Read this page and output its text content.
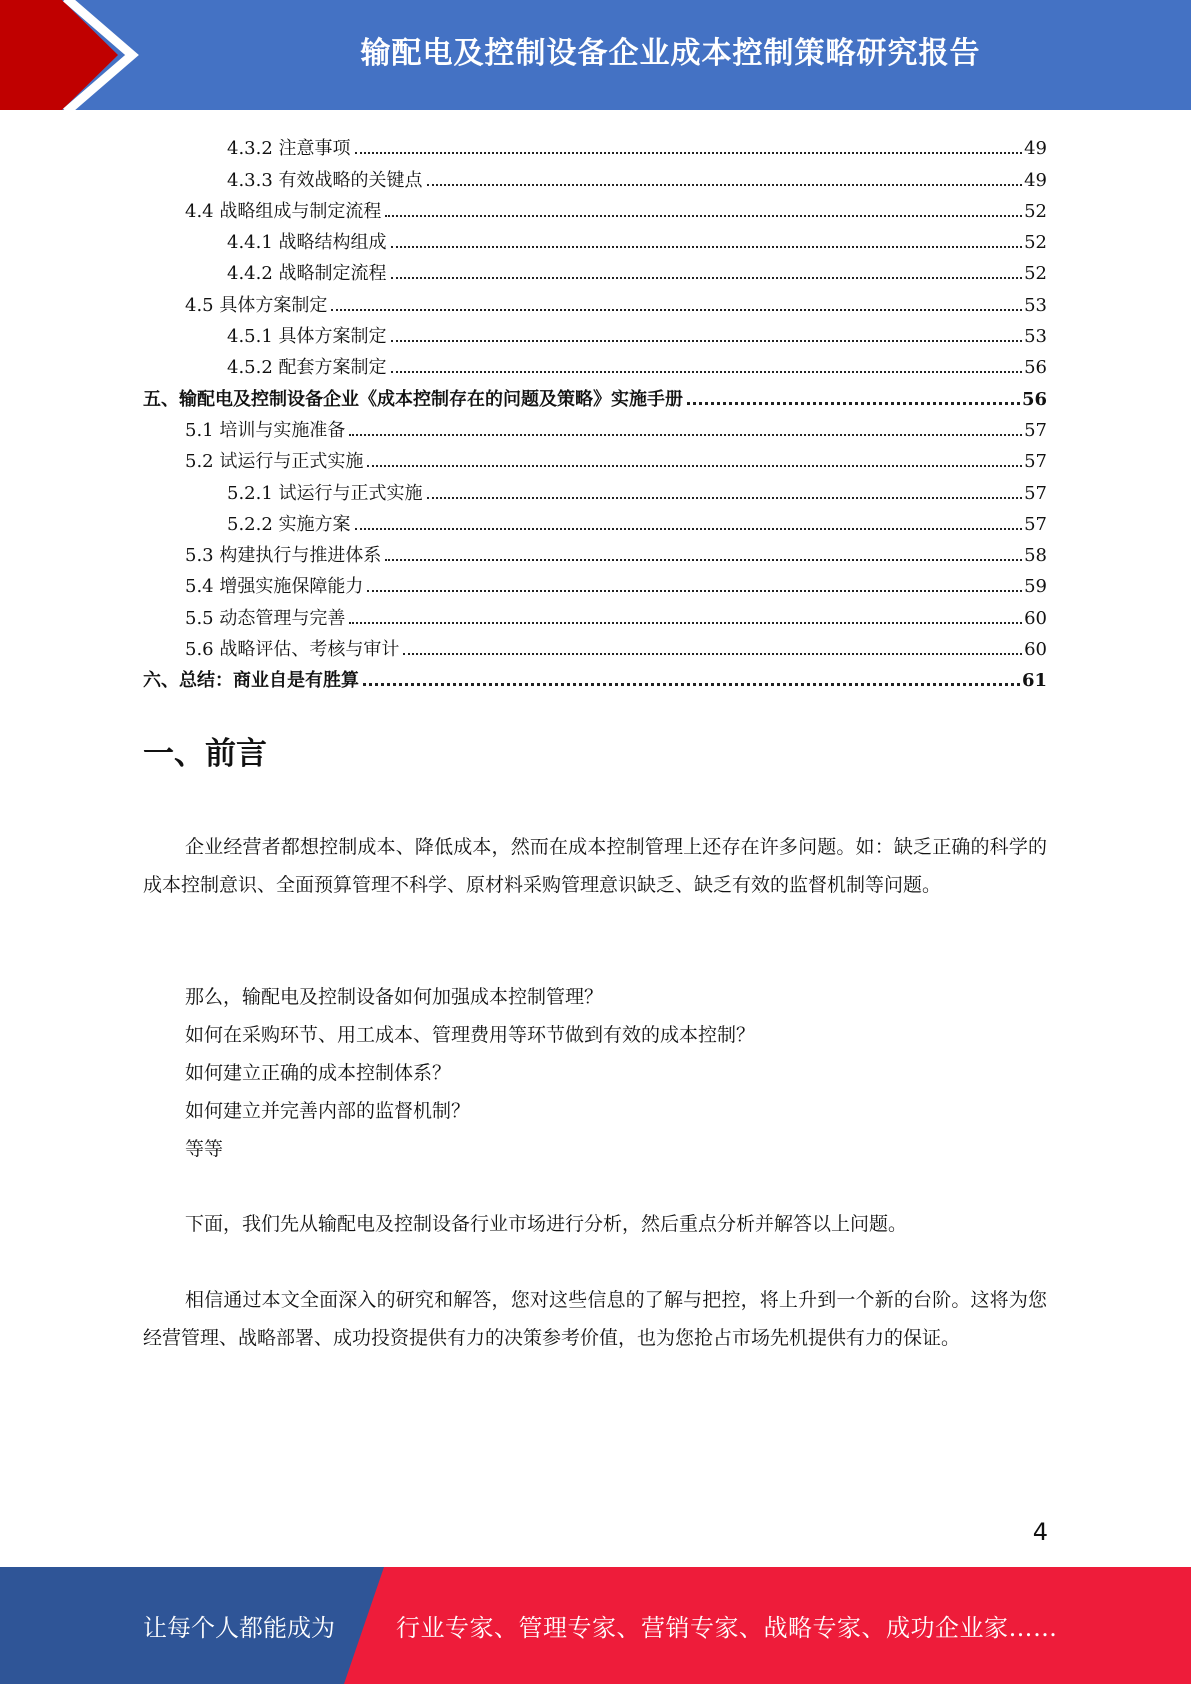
输配电及控制设备企业成本控制策略研究报告
4.3.2 注意事项	49
4.3.3 有效战略的关键点	49
4.4 战略组成与制定流程	52
4.4.1 战略结构组成	52
4.4.2 战略制定流程	52
4.5 具体方案制定	53
4.5.1 具体方案制定	53
4.5.2 配套方案制定	56
五、输配电及控制设备企业《成本控制存在的问题及策略》实施手册	56
5.1 培训与实施准备	57
5.2 试运行与正式实施	57
5.2.1 试运行与正式实施	57
5.2.2 实施方案	57
5.3 构建执行与推进体系	58
5.4 增强实施保障能力	59
5.5 动态管理与完善	60
5.6 战略评估、考核与审计	60
六、总结：商业自是有胜算	61
一、前言

企业经营者都想控制成本、降低成本，然而在成本控制管理上还存在许多问题。如：缺乏正确的科学的成本控制意识、全面预算管理不科学、原材料采购管理意识缺乏、缺乏有效的监督机制等问题。

那么，输配电及控制设备如何加强成本控制管理？
如何在采购环节、用工成本、管理费用等环节做到有效的成本控制？
如何建立正确的成本控制体系？
如何建立并完善内部的监督机制？
等等

下面，我们先从输配电及控制设备行业市场进行分析，然后重点分析并解答以上问题。

相信通过本文全面深入的研究和解答，您对这些信息的了解与把控，将上升到一个新的台阶。这将为您经营管理、战略部署、成功投资提供有力的决策参考价值，也为您抢占市场先机提供有力的保证。

4
让每个人都能成为	行业专家、管理专家、营销专家、战略专家、成功企业家……
